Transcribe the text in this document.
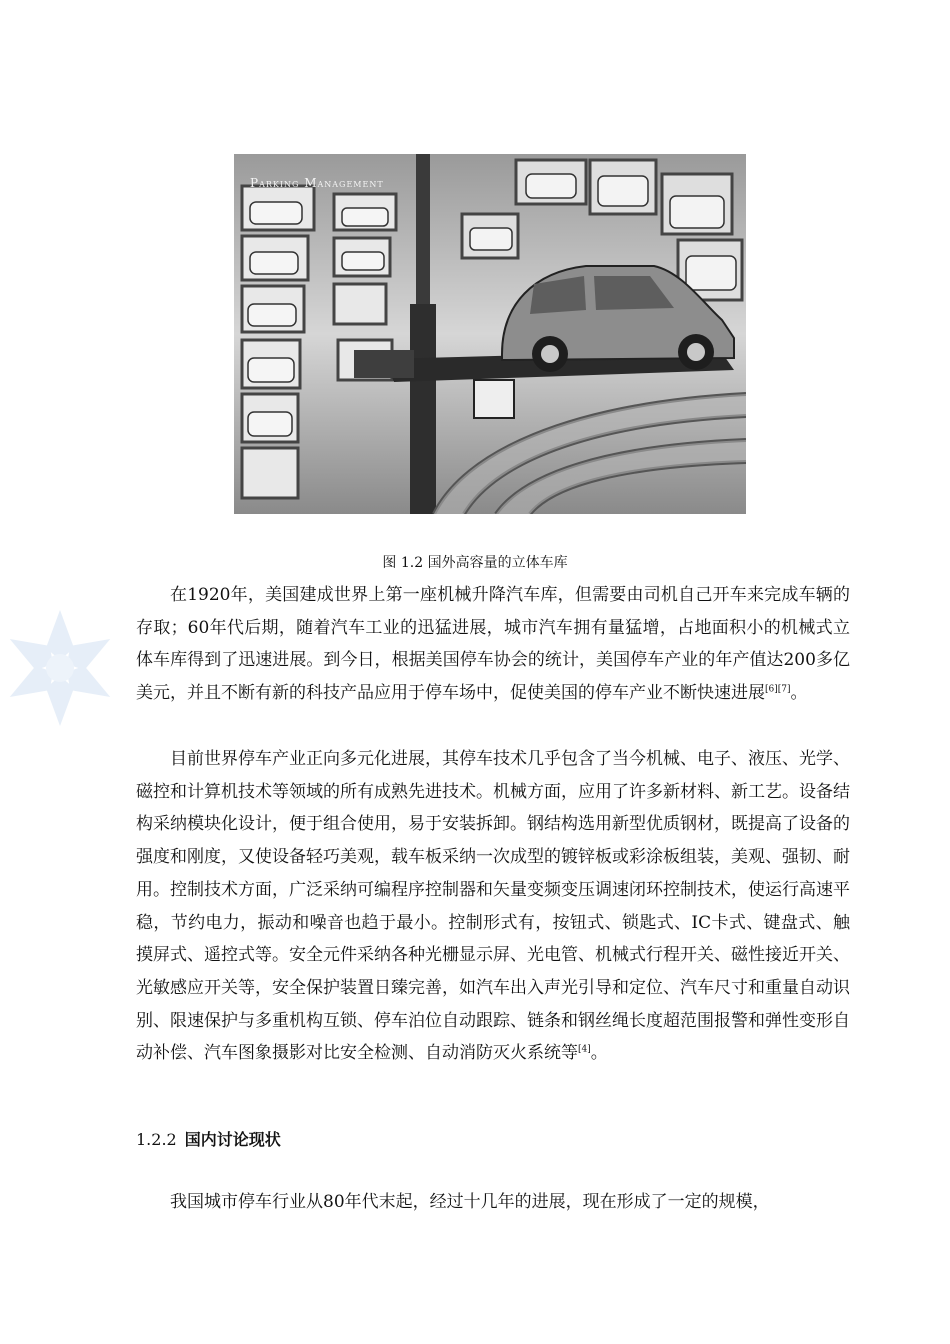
Parking Management
图 1.2 国外高容量的立体车库

在1920年，美国建成世界上第一座机械升降汽车库，但需要由司机自己开车来完成车辆的存取；60年代后期，随着汽车工业的迅猛进展，城市汽车拥有量猛增，占地面积小的机械式立体车库得到了迅速进展。到今日，根据美国停车协会的统计，美国停车产业的年产值达200多亿美元，并且不断有新的科技产品应用于停车场中，促使美国的停车产业不断快速进展[6][7]。

目前世界停车产业正向多元化进展，其停车技术几乎包含了当今机械、电子、液压、光学、磁控和计算机技术等领域的所有成熟先进技术。机械方面，应用了许多新材料、新工艺。设备结构采纳模块化设计，便于组合使用，易于安装拆卸。钢结构选用新型优质钢材，既提高了设备的强度和刚度，又使设备轻巧美观，载车板采纳一次成型的镀锌板或彩涂板组装，美观、强韧、耐用。控制技术方面，广泛采纳可编程序控制器和矢量变频变压调速闭环控制技术，使运行高速平稳，节约电力，振动和噪音也趋于最小。控制形式有，按钮式、锁匙式、IC卡式、键盘式、触摸屏式、遥控式等。安全元件采纳各种光栅显示屏、光电管、机械式行程开关、磁性接近开关、光敏感应开关等，安全保护装置日臻完善，如汽车出入声光引导和定位、汽车尺寸和重量自动识别、限速保护与多重机构互锁、停车泊位自动跟踪、链条和钢丝绳长度超范围报警和弹性变形自动补偿、汽车图象摄影对比安全检测、自动消防灭火系统等[4]。

1.2.2 国内讨论现状

我国城市停车行业从80年代末起，经过十几年的进展，现在形成了一定的规模，
